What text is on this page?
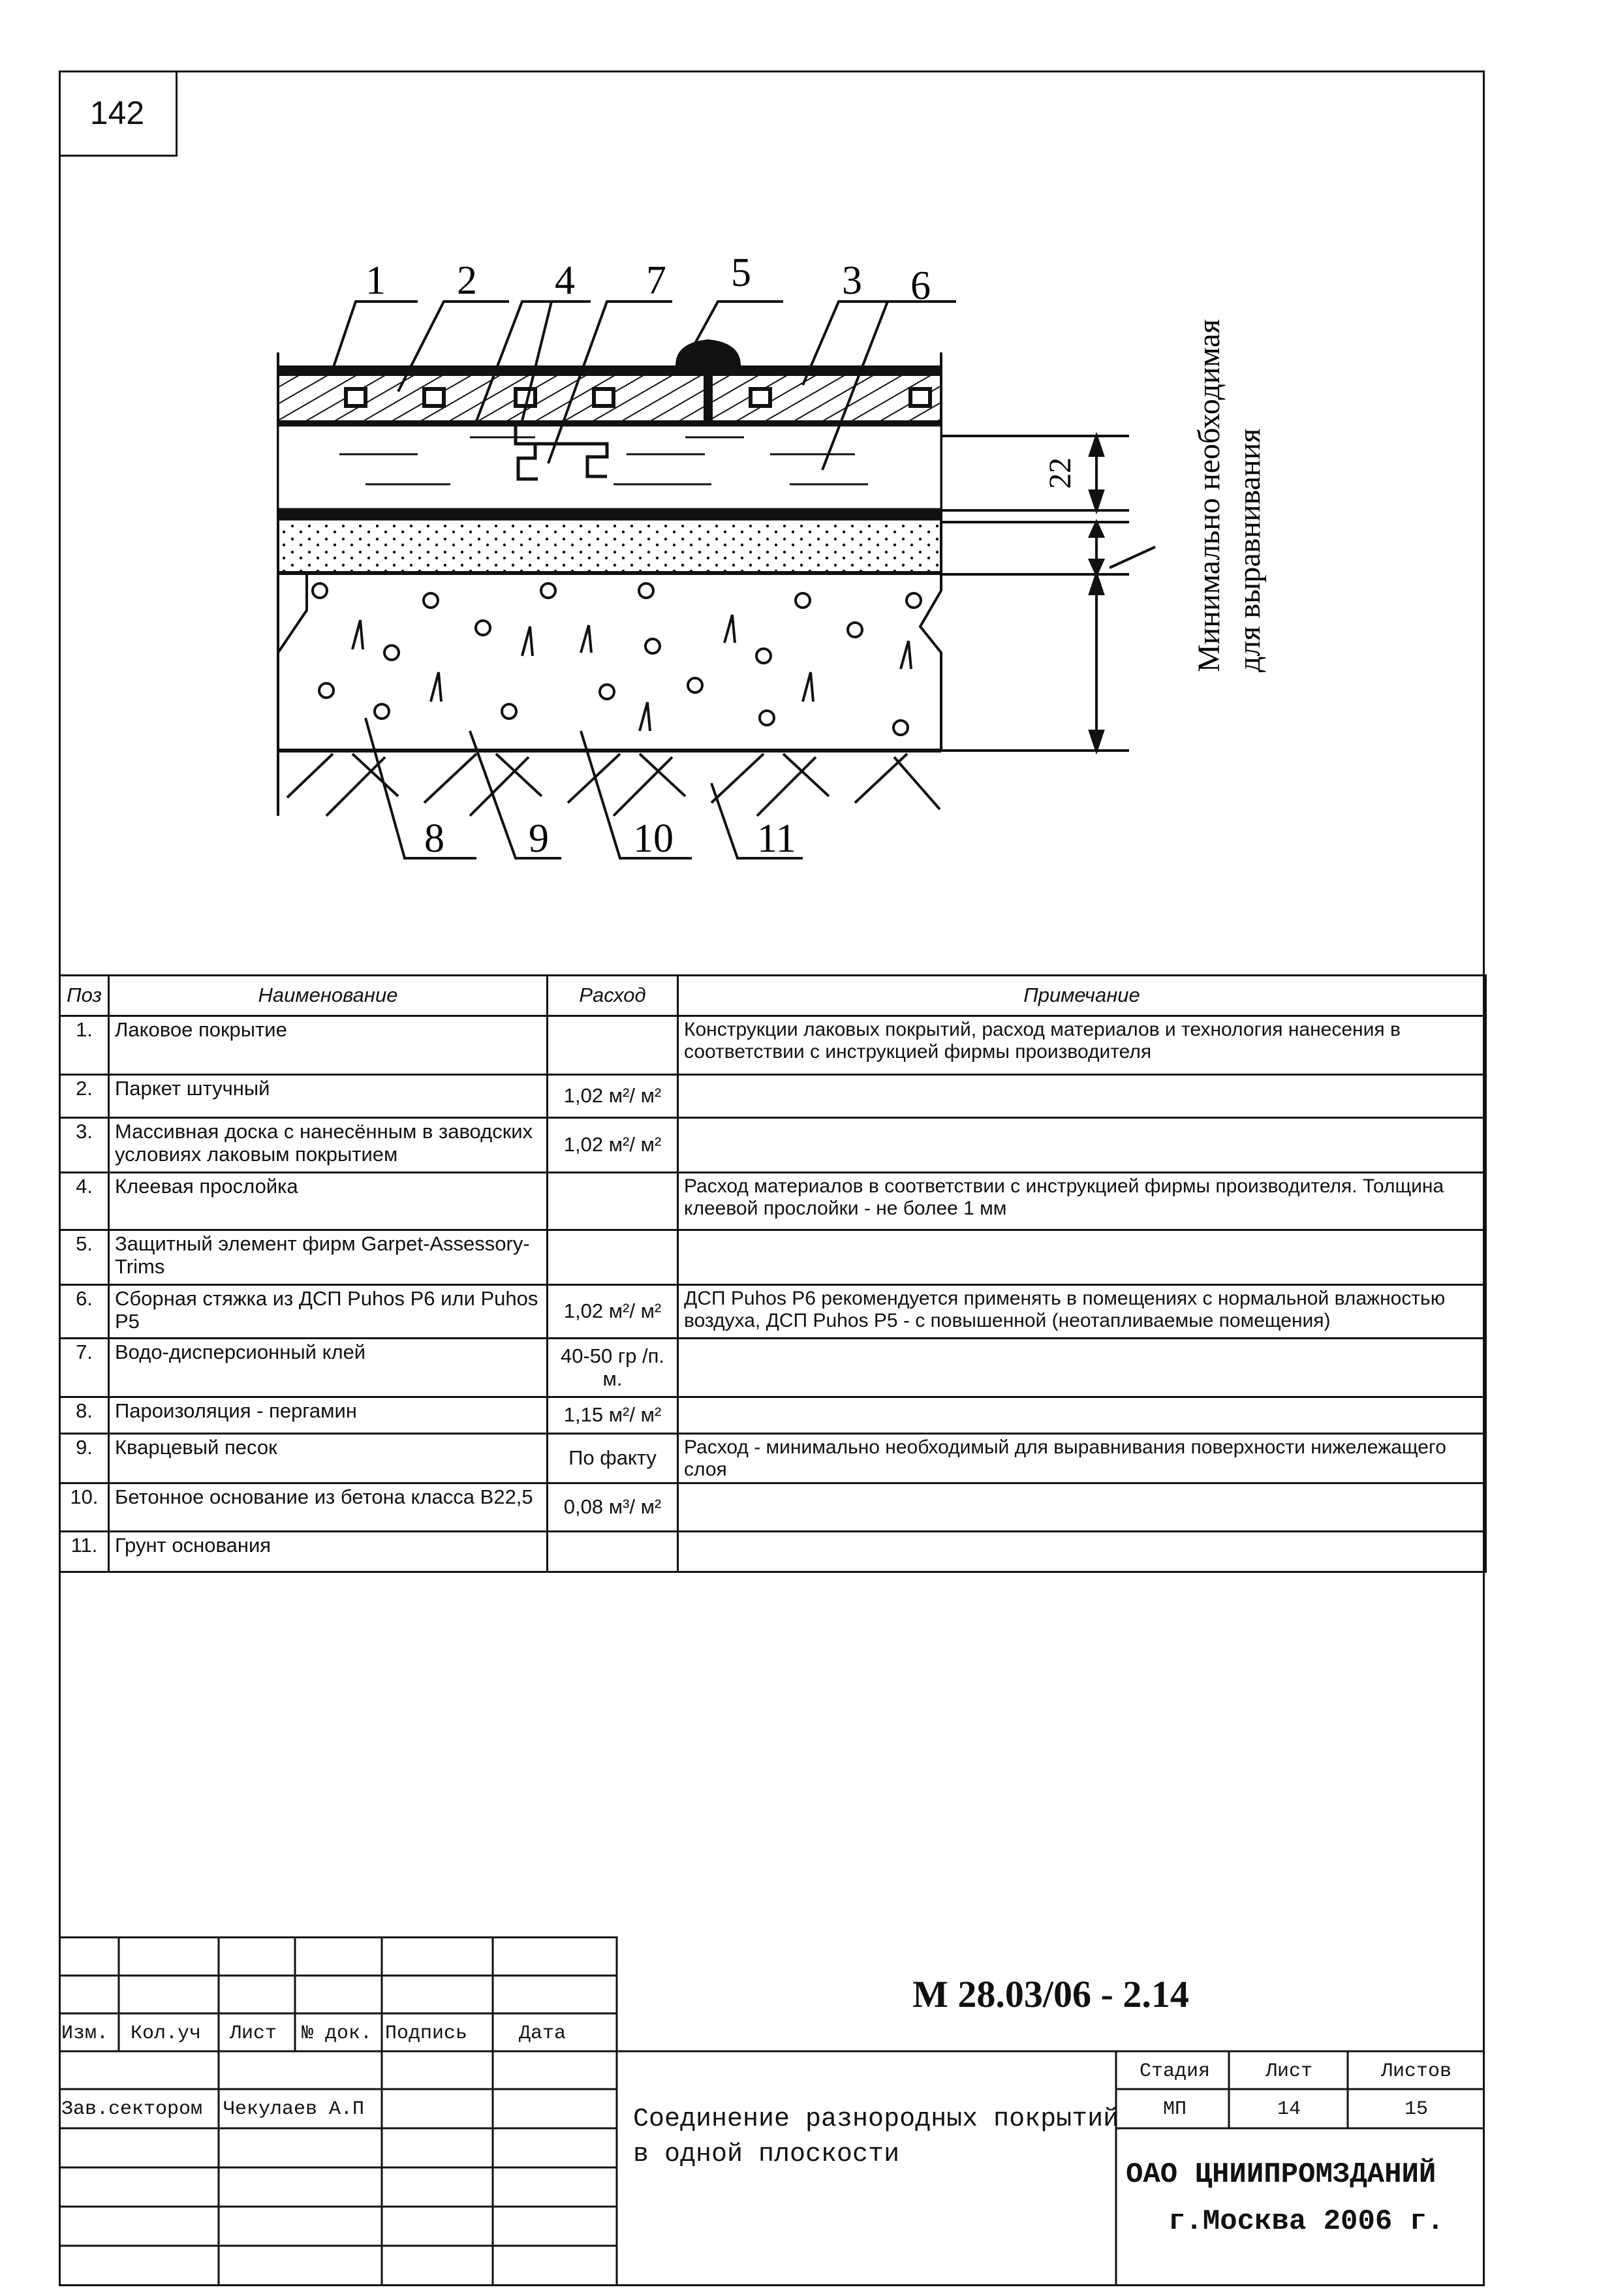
142
22	Минимально необходимая для выравнивания
1 2 4 7 5 3 6
8 9 10 11
Поз	Наименование	Расход	Примечание
1.	Лаковое покрытие		Конструкции лаковых покрытий, расход материалов и технология нанесения в соответствии с инструкцией фирмы производителя
2.	Паркет штучный	1,02 м²/ м²	
3.	Массивная доска с нанесённым в заводских условиях лаковым покрытием	1,02 м²/ м²	
4.	Клеевая прослойка		Расход материалов в соответствии с инструкцией фирмы производителя. Толщина клеевой прослойки - не более 1 мм
5.	Защитный элемент фирм Garpet-Assessory-Trims		
6.	Сборная стяжка из ДСП Puhos P6 или Puhos P5	1,02 м²/ м²	ДСП Puhos P6 рекомендуется применять в помещениях с нормальной влажностью воздуха, ДСП Puhos P5 - с повышенной (неотапливаемые помещения)
7.	Водо-дисперсионный клей	40-50 гр /п. м.	
8.	Пароизоляция - пергамин	1,15 м²/ м²	
9.	Кварцевый песок	По факту	Расход - минимально необходимый для выравнивания поверхности нижележащего слоя
10.	Бетонное основание из бетона класса B22,5	0,08 м³/ м²	
11.	Грунт основания		
Изм. Кол.уч Лист № док. Подпись	Дата
Зав.сектором Чекулаев А.П
М 28.03/06 - 2.14
Соединение разнородных покрытий
в одной плоскости
Стадия	Лист	Листов
МП	14	15
ОАО ЦНИИПРОМЗДАНИЙ
г.Москва 2006 г.
